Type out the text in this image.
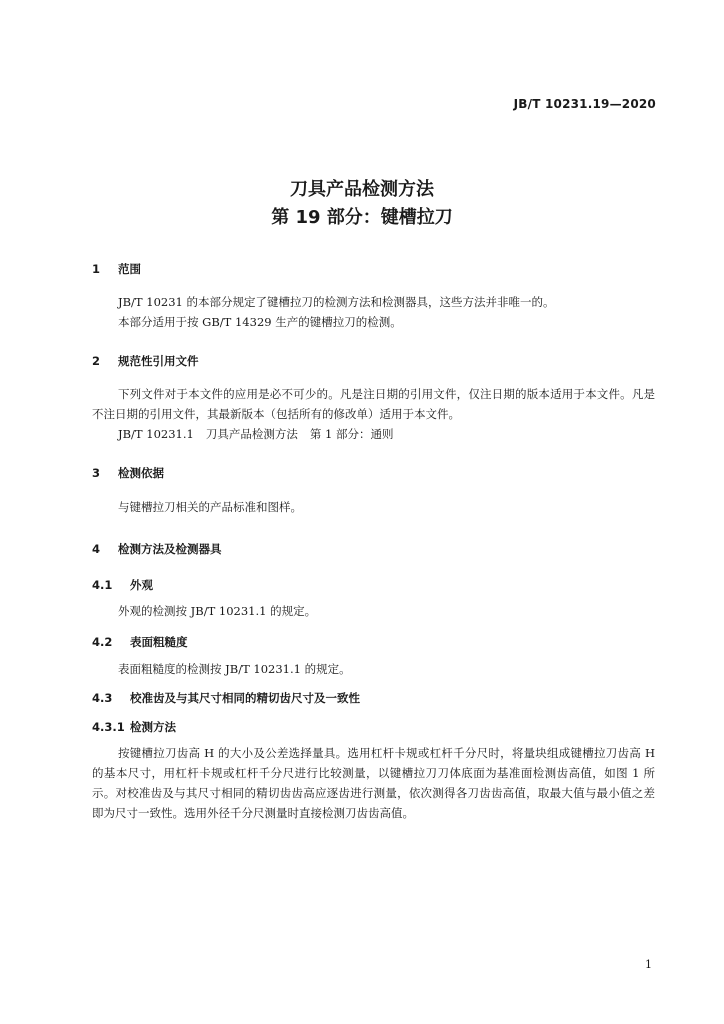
JB/T 10231.19—2020
刀具产品检测方法
第 19 部分：键槽拉刀
1 范围

JB/T 10231 的本部分规定了键槽拉刀的检测方法和检测器具，这些方法并非唯一的。

本部分适用于按 GB/T 14329 生产的键槽拉刀的检测。

2 规范性引用文件

下列文件对于本文件的应用是必不可少的。凡是注日期的引用文件，仅注日期的版本适用于本文件。凡是不注日期的引用文件，其最新版本（包括所有的修改单）适用于本文件。

JB/T 10231.1 刀具产品检测方法 第 1 部分：通则

3 检测依据

与键槽拉刀相关的产品标准和图样。

4 检测方法及检测器具
4.1 外观

外观的检测按 JB/T 10231.1 的规定。

4.2 表面粗糙度

表面粗糙度的检测按 JB/T 10231.1 的规定。

4.3 校准齿及与其尺寸相同的精切齿尺寸及一致性
4.3.1 检测方法

按键槽拉刀齿高 H 的大小及公差选择量具。选用杠杆卡规或杠杆千分尺时，将量块组成键槽拉刀齿高 H 的基本尺寸，用杠杆卡规或杠杆千分尺进行比较测量，以键槽拉刀刀体底面为基准面检测齿高值，如图 1 所示。对校准齿及与其尺寸相同的精切齿齿高应逐齿进行测量，依次测得各刀齿齿高值，取最大值与最小值之差即为尺寸一致性。选用外径千分尺测量时直接检测刀齿齿高值。

1
